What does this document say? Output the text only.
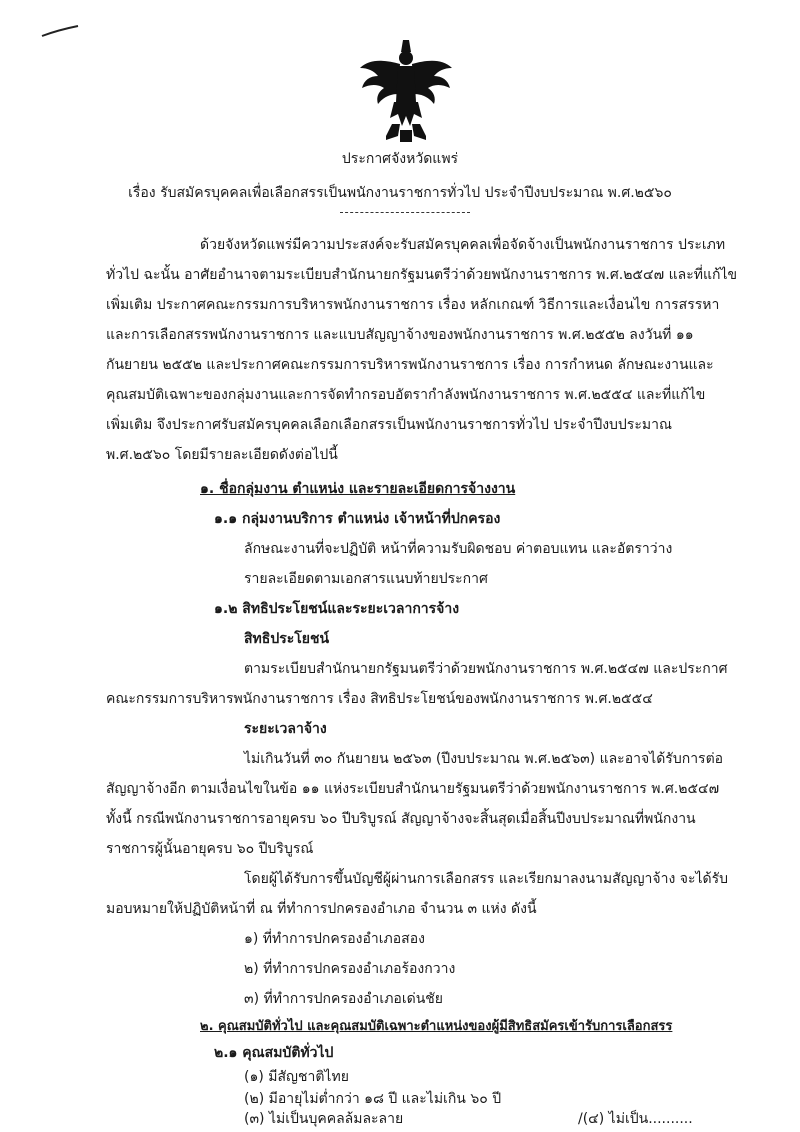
ประกาศจังหวัดแพร่
เรื่อง รับสมัครบุคคลเพื่อเลือกสรรเป็นพนักงานราชการทั่วไป ประจำปีงบประมาณ พ.ศ.๒๕๖๐
ด้วยจังหวัดแพร่มีความประสงค์จะรับสมัครบุคคลเพื่อจัดจ้างเป็นพนักงานราชการ ประเภท
ทั่วไป ฉะนั้น อาศัยอำนาจตามระเบียบสำนักนายกรัฐมนตรีว่าด้วยพนักงานราชการ พ.ศ.๒๕๔๗ และที่แก้ไข
เพิ่มเติม ประกาศคณะกรรมการบริหารพนักงานราชการ เรื่อง หลักเกณฑ์ วิธีการและเงื่อนไข การสรรหา
และการเลือกสรรพนักงานราชการ และแบบสัญญาจ้างของพนักงานราชการ พ.ศ.๒๕๕๒ ลงวันที่ ๑๑
กันยายน ๒๕๕๒ และประกาศคณะกรรมการบริหารพนักงานราชการ เรื่อง การกำหนด ลักษณะงานและ
คุณสมบัติเฉพาะของกลุ่มงานและการจัดทำกรอบอัตรากำลังพนักงานราชการ พ.ศ.๒๕๕๔ และที่แก้ไข
เพิ่มเติม จึงประกาศรับสมัครบุคคลเลือกเลือกสรรเป็นพนักงานราชการทั่วไป ประจำปีงบประมาณ
พ.ศ.๒๕๖๐ โดยมีรายละเอียดดังต่อไปนี้
๑. ชื่อกลุ่มงาน ตำแหน่ง และรายละเอียดการจ้างงาน
๑.๑ กลุ่มงานบริการ ตำแหน่ง เจ้าหน้าที่ปกครอง
ลักษณะงานที่จะปฏิบัติ หน้าที่ความรับผิดชอบ ค่าตอบแทน และอัตราว่าง
รายละเอียดตามเอกสารแนบท้ายประกาศ
๑.๒ สิทธิประโยชน์และระยะเวลาการจ้าง
สิทธิประโยชน์
ตามระเบียบสำนักนายกรัฐมนตรีว่าด้วยพนักงานราชการ พ.ศ.๒๕๔๗ และประกาศ
คณะกรรมการบริหารพนักงานราชการ เรื่อง สิทธิประโยชน์ของพนักงานราชการ พ.ศ.๒๕๕๔
ระยะเวลาจ้าง
ไม่เกินวันที่ ๓๐ กันยายน ๒๕๖๓ (ปีงบประมาณ พ.ศ.๒๕๖๓) และอาจได้รับการต่อ
สัญญาจ้างอีก ตามเงื่อนไขในข้อ ๑๑ แห่งระเบียบสำนักนายรัฐมนตรีว่าด้วยพนักงานราชการ พ.ศ.๒๕๔๗
ทั้งนี้ กรณีพนักงานราชการอายุครบ ๖๐ ปีบริบูรณ์ สัญญาจ้างจะสิ้นสุดเมื่อสิ้นปีงบประมาณที่พนักงาน
ราชการผู้นั้นอายุครบ ๖๐ ปีบริบูรณ์
โดยผู้ได้รับการขึ้นบัญชีผู้ผ่านการเลือกสรร และเรียกมาลงนามสัญญาจ้าง จะได้รับ
มอบหมายให้ปฏิบัติหน้าที่ ณ ที่ทำการปกครองอำเภอ จำนวน ๓ แห่ง ดังนี้
๑) ที่ทำการปกครองอำเภอสอง
๒) ที่ทำการปกครองอำเภอร้องกวาง
๓) ที่ทำการปกครองอำเภอเด่นชัย
๒. คุณสมบัติทั่วไป และคุณสมบัติเฉพาะตำแหน่งของผู้มีสิทธิสมัครเข้ารับการเลือกสรร
๒.๑ คุณสมบัติทั่วไป
(๑) มีสัญชาติไทย
(๒) มีอายุไม่ต่ำกว่า ๑๘ ปี และไม่เกิน ๖๐ ปี
(๓) ไม่เป็นบุคคลล้มละลาย	/(๔) ไม่เป็น..........
